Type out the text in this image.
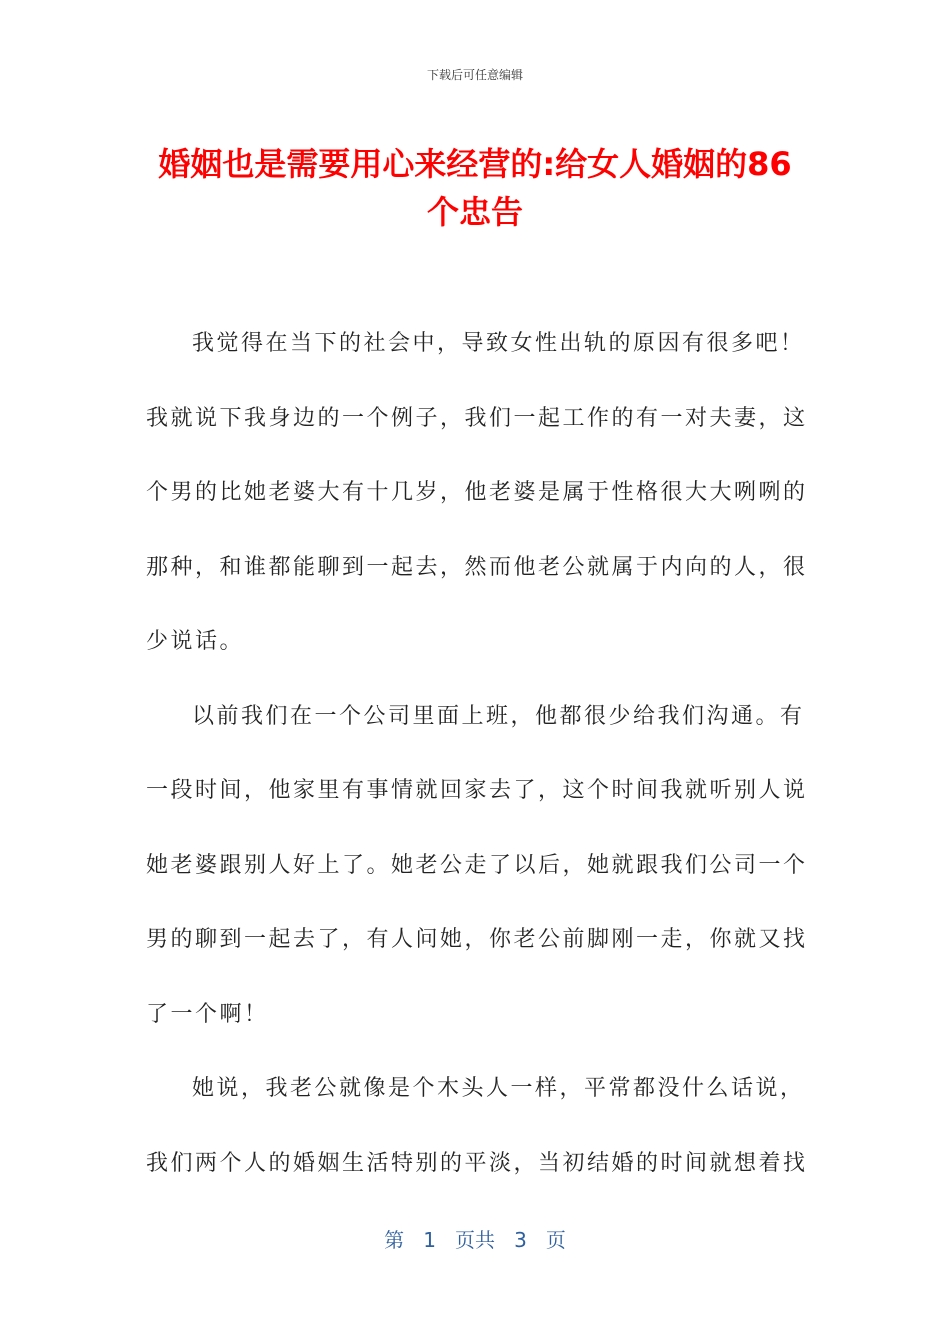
下载后可任意编辑
婚姻也是需要用心来经营的:给女人婚姻的86
个忠告
我觉得在当下的社会中，导致女性出轨的原因有很多吧！
我就说下我身边的一个例子，我们一起工作的有一对夫妻，这
个男的比她老婆大有十几岁，他老婆是属于性格很大大咧咧的
那种，和谁都能聊到一起去，然而他老公就属于内向的人，很
少说话。
以前我们在一个公司里面上班，他都很少给我们沟通。有
一段时间，他家里有事情就回家去了，这个时间我就听别人说
她老婆跟别人好上了。她老公走了以后，她就跟我们公司一个
男的聊到一起去了，有人问她，你老公前脚刚一走，你就又找
了一个啊！
她说，我老公就像是个木头人一样，平常都没什么话说，
我们两个人的婚姻生活特别的平淡，当初结婚的时间就想着找
第 1 页共 3 页
